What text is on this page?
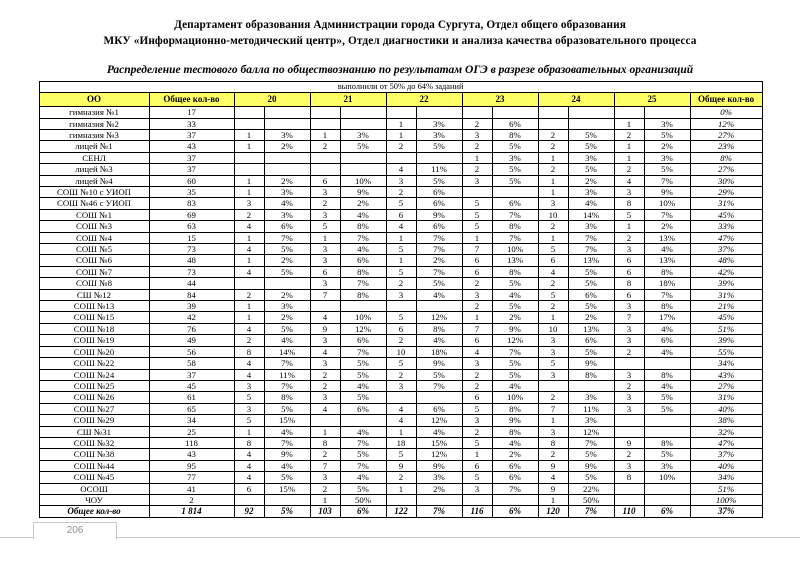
Департамент образования Администрации города Сургута, Отдел общего образования
МКУ «Информационно-методический центр», Отдел диагностики и анализа качества образовательного процесса
Распределение тестового балла по обществознанию по результатам ОГЭ в разрезе образовательных организаций
выполнили от 50% до 64% заданий														
ОО	Общее кол-во	20		21		22		23		24		25		Общее кол-во
гимназия №1	17													0%
гимназия №2	33					1	3%	2	6%			1	3%	12%
гимназия №3	37	1	3%	1	3%	1	3%	3	8%	2	5%	2	5%	27%
лицей №1	43	1	2%	2	5%	2	5%	2	5%	2	5%	1	2%	23%
СЕНЛ	37							1	3%	1	3%	1	3%	8%
лицей №3	37					4	11%	2	5%	2	5%	2	5%	27%
лицей №4	60	1	2%	6	10%	3	5%	3	5%	1	2%	4	7%	30%
СОШ №10 с УИОП	35	1	3%	3	9%	2	6%			1	3%	3	9%	29%
СОШ №46 с УИОП	83	3	4%	2	2%	5	6%	5	6%	3	4%	8	10%	31%
СОШ №1	69	2	3%	3	4%	6	9%	5	7%	10	14%	5	7%	45%
СОШ №3	63	4	6%	5	8%	4	6%	5	8%	2	3%	1	2%	33%
СОШ №4	15	1	7%	1	7%	1	7%	1	7%	1	7%	2	13%	47%
СОШ №5	73	4	5%	3	4%	5	7%	7	10%	5	7%	3	4%	37%
СОШ №6	48	1	2%	3	6%	1	2%	6	13%	6	13%	6	13%	48%
СОШ №7	73	4	5%	6	8%	5	7%	6	8%	4	5%	6	8%	42%
СОШ №8	44			3	7%	2	5%	2	5%	2	5%	8	18%	39%
СШ №12	84	2	2%	7	8%	3	4%	3	4%	5	6%	6	7%	31%
СОШ №13	39	1	3%					2	5%	2	5%	3	8%	21%
СОШ №15	42	1	2%	4	10%	5	12%	1	2%	1	2%	7	17%	45%
СОШ №18	76	4	5%	9	12%	6	8%	7	9%	10	13%	3	4%	51%
СОШ №19	49	2	4%	3	6%	2	4%	6	12%	3	6%	3	6%	39%
СОШ №20	56	8	14%	4	7%	10	18%	4	7%	3	5%	2	4%	55%
СОШ №22	58	4	7%	3	5%	5	9%	3	5%	5	9%			34%
СОШ №24	37	4	11%	2	5%	2	5%	2	5%	3	8%	3	8%	43%
СОШ №25	45	3	7%	2	4%	3	7%	2	4%			2	4%	27%
СОШ №26	61	5	8%	3	5%			6	10%	2	3%	3	5%	31%
СОШ №27	65	3	5%	4	6%	4	6%	5	8%	7	11%	3	5%	40%
СОШ №29	34	5	15%			4	12%	3	9%	1	3%			38%
СШ №31	25	1	4%	1	4%	1	4%	2	8%	3	12%			32%
СОШ №32	118	8	7%	8	7%	18	15%	5	4%	8	7%	9	8%	47%
СОШ №38	43	4	9%	2	5%	5	12%	1	2%	2	5%	2	5%	37%
СОШ №44	95	4	4%	7	7%	9	9%	6	6%	9	9%	3	3%	40%
СОШ №45	77	4	5%	3	4%	2	3%	5	6%	4	5%	8	10%	34%
ОСОШ	41	6	15%	2	5%	1	2%	3	7%	9	22%			51%
ЧОУ	2			1	50%					1	50%			100%
Общее кол-во	1 814	92	5%	103	6%	122	7%	116	6%	120	7%	110	6%	37%
206
